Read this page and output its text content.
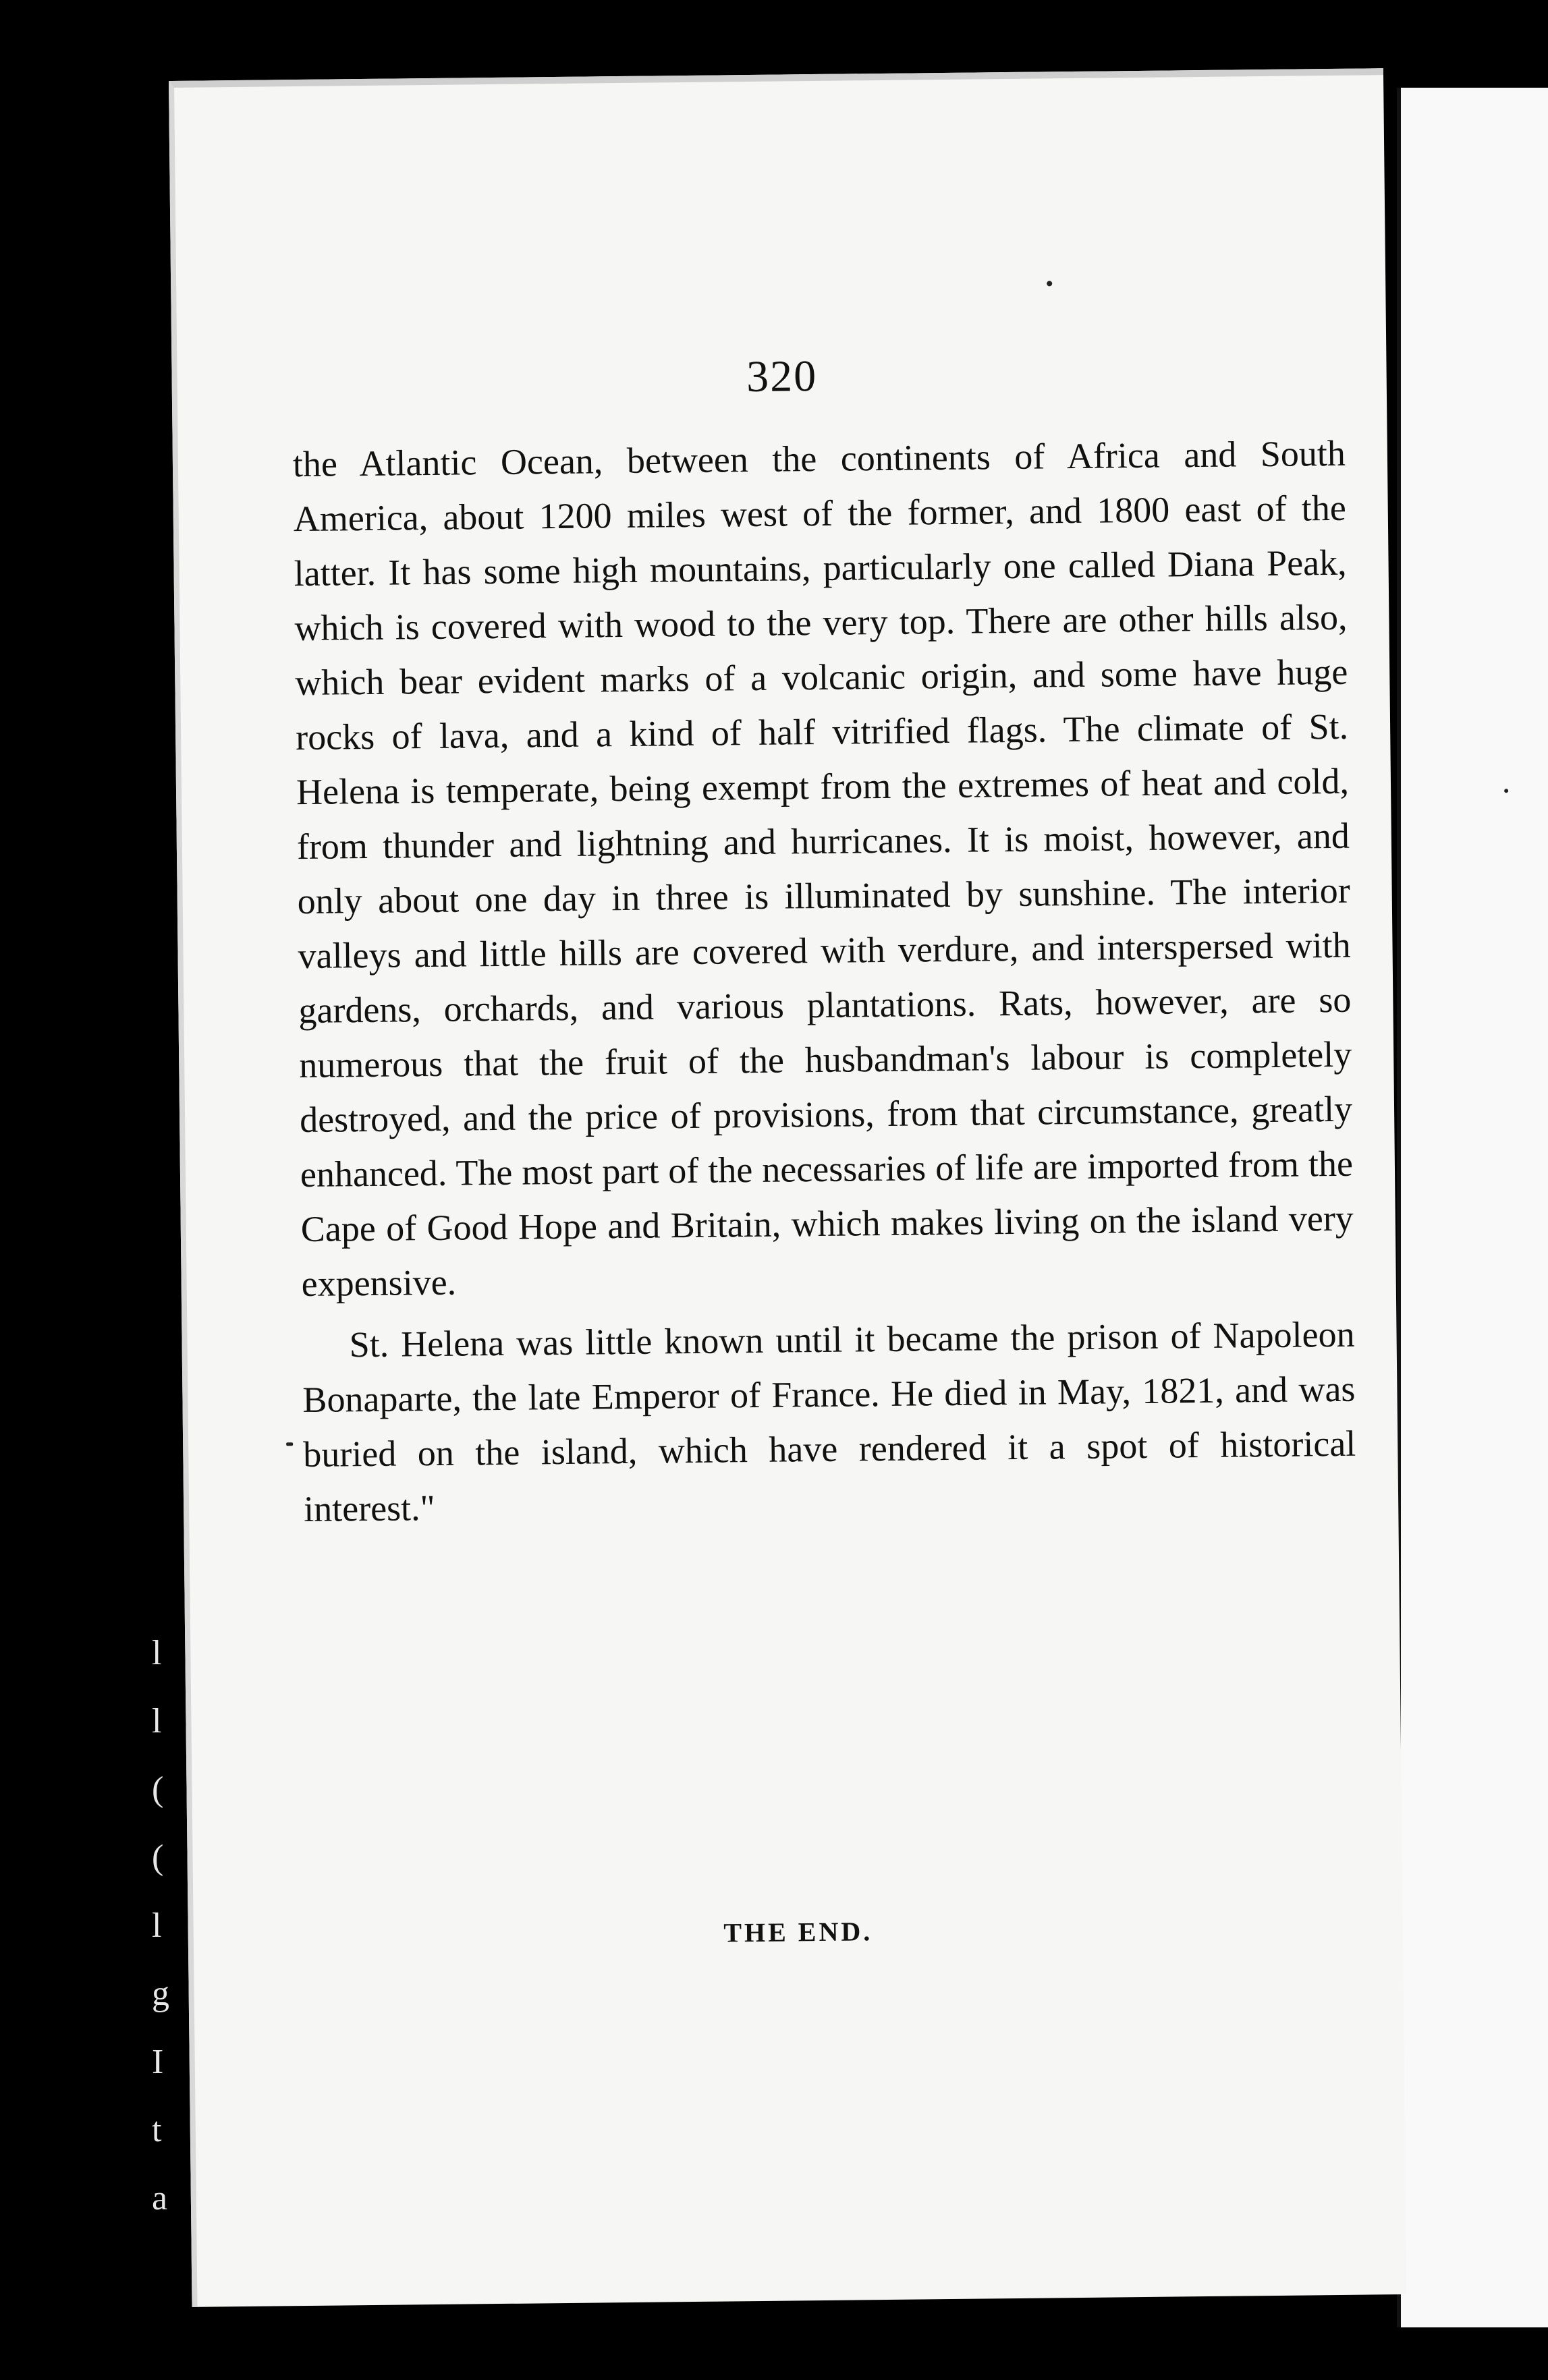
l
l
(
(
l
g
I
t
a
320

the Atlantic Ocean, between the continents of Africa and South America, about 1200 miles west of the former, and 1800 east of the latter. It has some high mountains, particularly one called Diana Peak, which is covered with wood to the very top. There are other hills also, which bear evident marks of a volcanic origin, and some have huge rocks of lava, and a kind of half vitrified flags. The climate of St. Helena is temperate, being exempt from the extremes of heat and cold, from thunder and lightning and hurricanes. It is moist, however, and only about one day in three is illuminated by sunshine. The interior valleys and little hills are covered with verdure, and interspersed with gardens, orchards, and various plantations. Rats, however, are so numerous that the fruit of the husbandman's labour is completely destroyed, and the price of provisions, from that circumstance, greatly enhanced. The most part of the necessaries of life are imported from the Cape of Good Hope and Britain, which makes living on the island very expensive.

St. Helena was little known until it became the prison of Napoleon Bonaparte, the late Emperor of France. He died in May, 1821, and was buried on the island, which have rendered it a spot of historical interest."

THE END.
